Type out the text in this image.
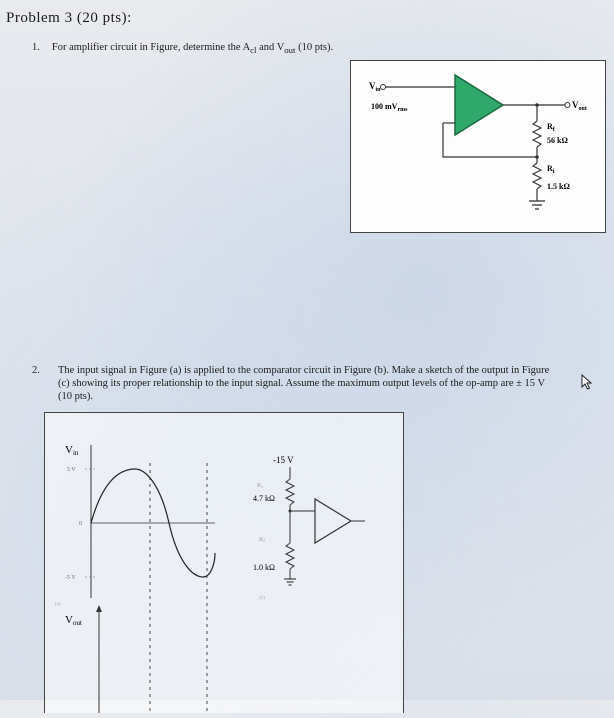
Problem 3 (20 pts):
1. For amplifier circuit in Figure, determine the $A_{cl}$ and $V_{out}$ (10 pts).
$V_{in}$
100 $mV_{rms}$
+
−
$V_{out}$
$R_f$
56 kΩ
$R_i$
1.5 kΩ
2. The input signal in Figure (a) is applied to the comparator circuit in Figure (b). Make a sketch of the output in Figure (c) showing its proper relationship to the input signal. Assume the maximum output levels of the op-amp are ± 15 V (10 pts).
Vin
5 V
0
-5 V
(a)
Vout
-15 V
R1
4.7 kΩ
R2
1.0 kΩ
(b)
